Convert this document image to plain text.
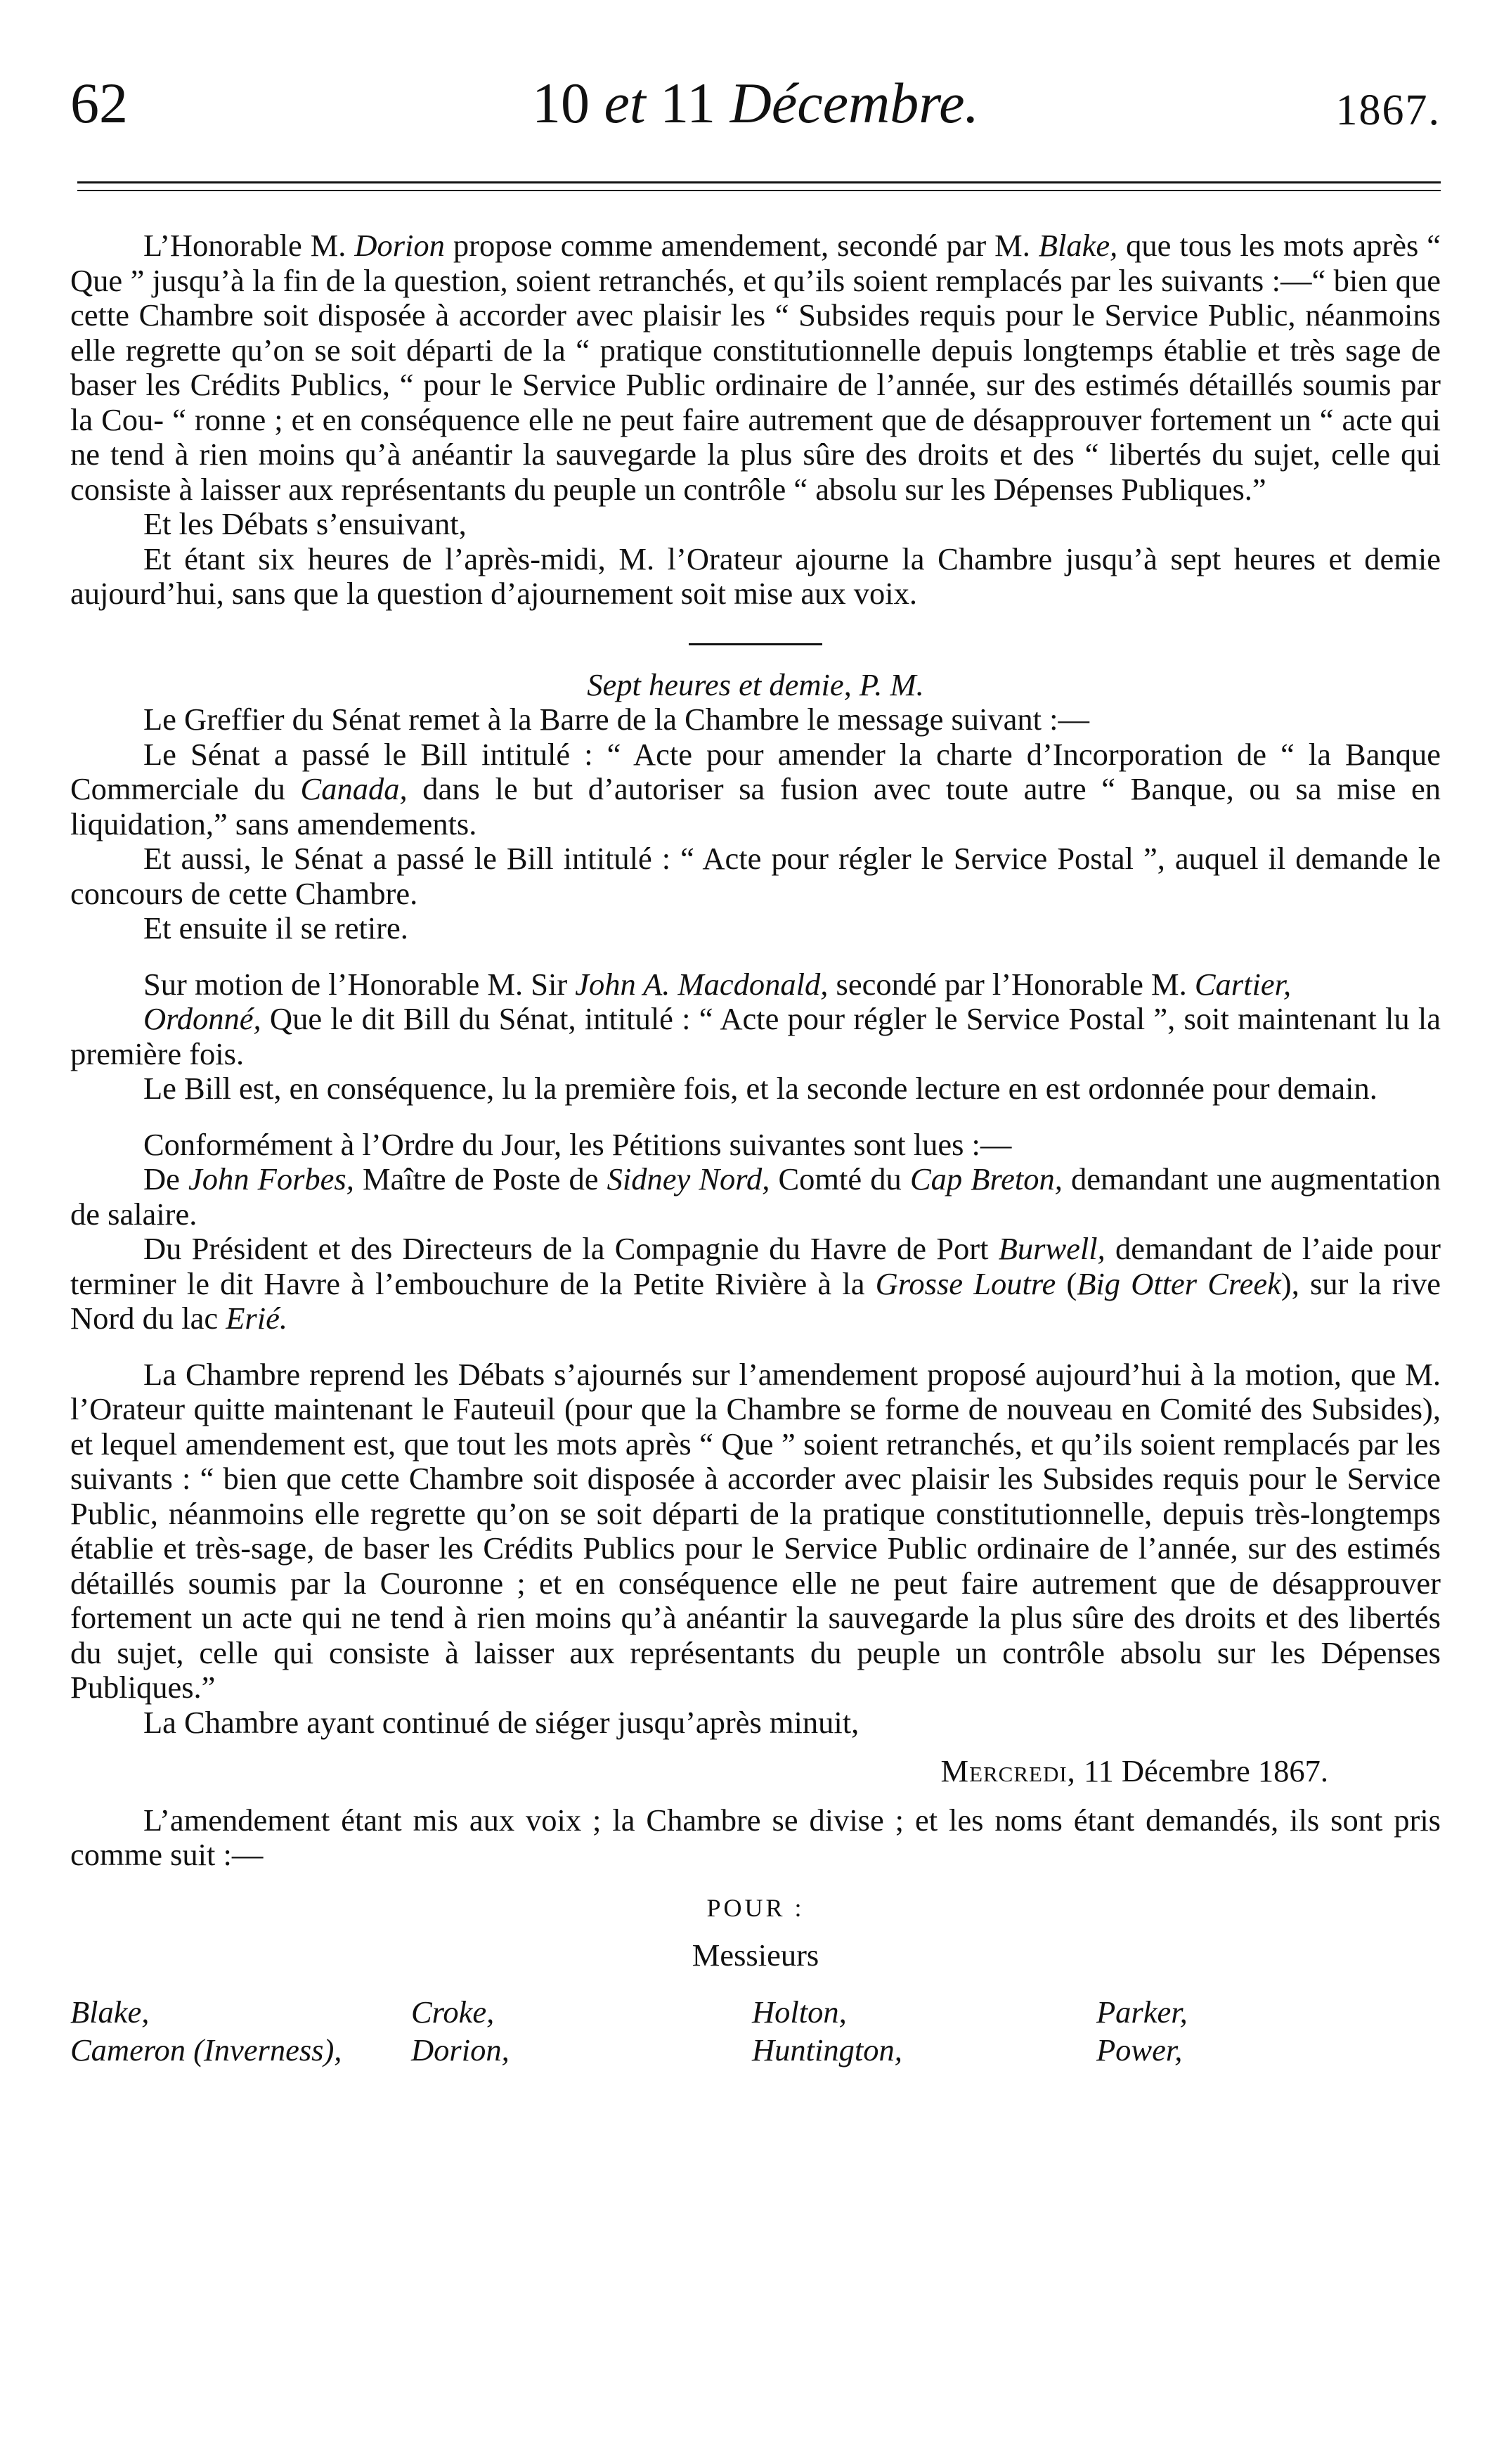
62	10 et 11 Décembre.	1867.

L’Honorable M. Dorion propose comme amendement, secondé par M. Blake, que tous les mots après “ Que ” jusqu’à la fin de la question, soient retranchés, et qu’ils soient remplacés par les suivants :—“ bien que cette Chambre soit disposée à accorder avec plaisir les “ Subsides requis pour le Service Public, néanmoins elle regrette qu’on se soit départi de la “ pratique constitutionnelle depuis longtemps établie et très sage de baser les Crédits Publics, “ pour le Service Public ordinaire de l’année, sur des estimés détaillés soumis par la Cou- “ ronne ; et en conséquence elle ne peut faire autrement que de désapprouver fortement un “ acte qui ne tend à rien moins qu’à anéantir la sauvegarde la plus sûre des droits et des “ libertés du sujet, celle qui consiste à laisser aux représentants du peuple un contrôle “ absolu sur les Dépenses Publiques.”

Et les Débats s’ensuivant,

Et étant six heures de l’après-midi, M. l’Orateur ajourne la Chambre jusqu’à sept heures et demie aujourd’hui, sans que la question d’ajournement soit mise aux voix.

Sept heures et demie, P. M.

Le Greffier du Sénat remet à la Barre de la Chambre le message suivant :—

Le Sénat a passé le Bill intitulé : “ Acte pour amender la charte d’Incorporation de “ la Banque Commerciale du Canada, dans le but d’autoriser sa fusion avec toute autre “ Banque, ou sa mise en liquidation,” sans amendements.

Et aussi, le Sénat a passé le Bill intitulé : “ Acte pour régler le Service Postal ”, auquel il demande le concours de cette Chambre.

Et ensuite il se retire.

Sur motion de l’Honorable M. Sir John A. Macdonald, secondé par l’Honorable M. Cartier,

Ordonné, Que le dit Bill du Sénat, intitulé : “ Acte pour régler le Service Postal ”, soit maintenant lu la première fois.

Le Bill est, en conséquence, lu la première fois, et la seconde lecture en est ordonnée pour demain.

Conformément à l’Ordre du Jour, les Pétitions suivantes sont lues :—

De John Forbes, Maître de Poste de Sidney Nord, Comté du Cap Breton, demandant une augmentation de salaire.

Du Président et des Directeurs de la Compagnie du Havre de Port Burwell, demandant de l’aide pour terminer le dit Havre à l’embouchure de la Petite Rivière à la Grosse Loutre (Big Otter Creek), sur la rive Nord du lac Erié.

La Chambre reprend les Débats s’ajournés sur l’amendement proposé aujourd’hui à la motion, que M. l’Orateur quitte maintenant le Fauteuil (pour que la Chambre se forme de nouveau en Comité des Subsides), et lequel amendement est, que tout les mots après “ Que ” soient retranchés, et qu’ils soient remplacés par les suivants : “ bien que cette Chambre soit disposée à accorder avec plaisir les Subsides requis pour le Service Public, néanmoins elle regrette qu’on se soit départi de la pratique constitutionnelle, depuis très-longtemps établie et très-sage, de baser les Crédits Publics pour le Service Public ordinaire de l’année, sur des estimés détaillés soumis par la Couronne ; et en conséquence elle ne peut faire autrement que de désapprouver fortement un acte qui ne tend à rien moins qu’à anéantir la sauvegarde la plus sûre des droits et des libertés du sujet, celle qui consiste à laisser aux représentants du peuple un contrôle absolu sur les Dépenses Publiques.”

La Chambre ayant continué de siéger jusqu’après minuit,

Mercredi, 11 Décembre 1867.

L’amendement étant mis aux voix ; la Chambre se divise ; et les noms étant demandés, ils sont pris comme suit :—

POUR :
Messieurs
Blake,	Croke,	Holton,	Parker,
Cameron (Inverness),	Dorion,	Huntington,	Power,
